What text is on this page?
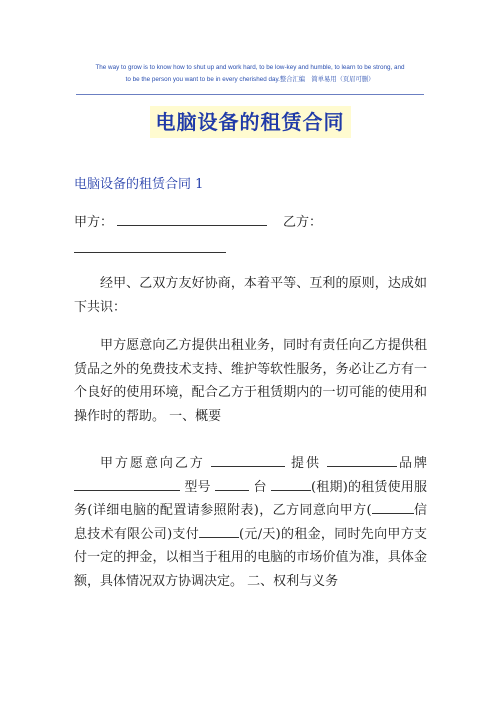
The way to grow is to know how to shut up and work hard, to be low-key and humble, to learn to be strong, and
to be the person you want to be in every cherished day.整合汇编　简单易用（页眉可删）
电脑设备的租赁合同
电脑设备的租赁合同 1
甲方：	乙方：
经甲、乙双方友好协商，本着平等、互利的原则，达成如下共识：
甲方愿意向乙方提供出租业务，同时有责任向乙方提供租赁品之外的免费技术支持、维护等软性服务，务必让乙方有一个良好的使用环境，配合乙方于租赁期内的一切可能的使用和操作时的帮助。 一、概要
甲方愿意向乙方	提供	品牌  型号	台	(租期)的租赁使用服务(详细电脑的配置请参照附表)，乙方同意向甲方(	信息技术有限公司)支付	(元/天)的租金，同时先向甲方支付一定的押金，以相当于租用的电脑的市场价值为准，具体金额，具体情况双方协调决定。 二、权利与义务
